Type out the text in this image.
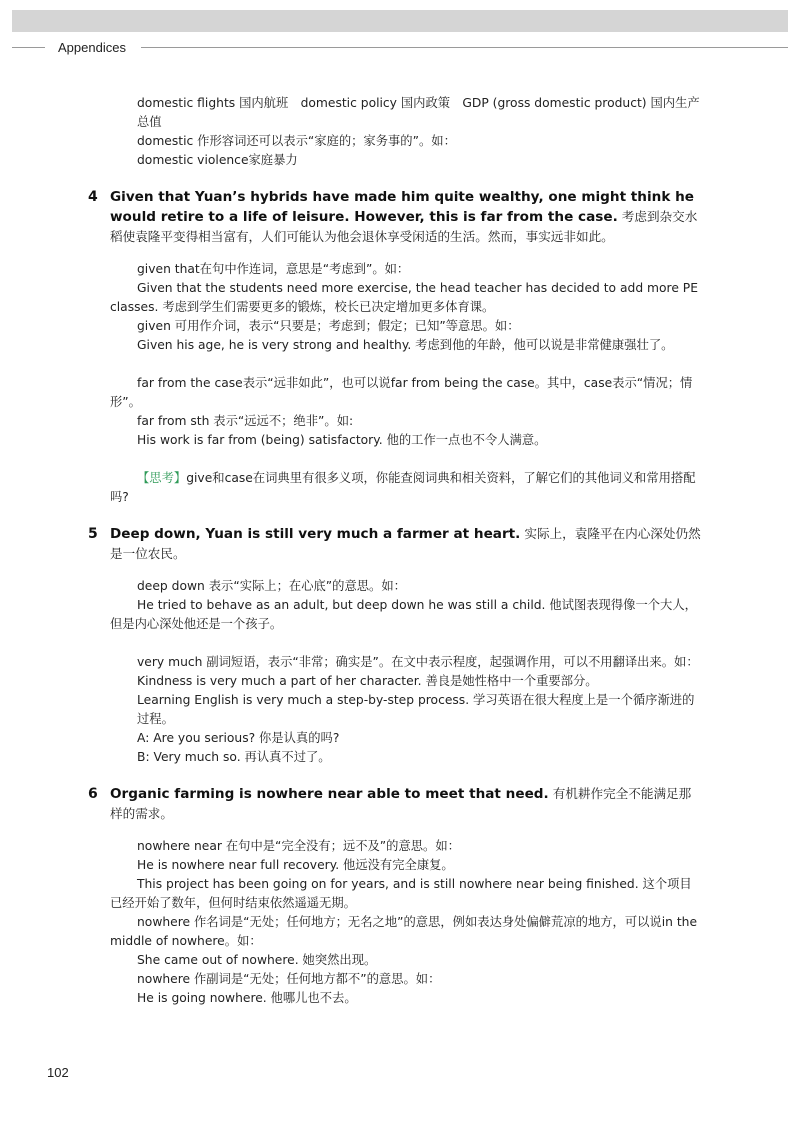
Appendices

domestic flights 国内航班　domestic policy 国内政策　GDP (gross domestic product) 国内生产总值

domestic 作形容词还可以表示“家庭的；家务事的”。如：

domestic violence家庭暴力

4 Given that Yuan’s hybrids have made him quite wealthy, one might think he would retire to a life of leisure. However, this is far from the case. 考虑到杂交水稻使袁隆平变得相当富有，人们可能认为他会退休享受闲适的生活。然而，事实远非如此。

given that在句中作连词，意思是“考虑到”。如：

Given that the students need more exercise, the head teacher has decided to add more PE classes. 考虑到学生们需要更多的锻炼，校长已决定增加更多体育课。

given 可用作介词，表示“只要是；考虑到；假定；已知”等意思。如：

Given his age, he is very strong and healthy. 考虑到他的年龄，他可以说是非常健康强壮了。

far from the case表示“远非如此”，也可以说far from being the case。其中，case表示“情况；情形”。

far from sth 表示“远远不；绝非”。如:

His work is far from (being) satisfactory. 他的工作一点也不令人满意。

【思考】give和case在词典里有很多义项，你能查阅词典和相关资料，了解它们的其他词义和常用搭配吗?

5 Deep down, Yuan is still very much a farmer at heart. 实际上，袁隆平在内心深处仍然是一位农民。

deep down 表示“实际上；在心底”的意思。如：

He tried to behave as an adult, but deep down he was still a child. 他试图表现得像一个大人，但是内心深处他还是一个孩子。

very much 副词短语，表示“非常；确实是”。在文中表示程度，起强调作用，可以不用翻译出来。如：

Kindness is very much a part of her character. 善良是她性格中一个重要部分。

Learning English is very much a step-by-step process. 学习英语在很大程度上是一个循序渐进的过程。

A: Are you serious? 你是认真的吗?

B: Very much so. 再认真不过了。

6 Organic farming is nowhere near able to meet that need. 有机耕作完全不能满足那样的需求。

nowhere near 在句中是“完全没有；远不及”的意思。如：

He is nowhere near full recovery. 他远没有完全康复。

This project has been going on for years, and is still nowhere near being finished. 这个项目已经开始了数年，但何时结束依然遥遥无期。

nowhere 作名词是“无处；任何地方；无名之地”的意思，例如表达身处偏僻荒凉的地方，可以说in the middle of nowhere。如：

She came out of nowhere. 她突然出现。

nowhere 作副词是“无处；任何地方都不”的意思。如：

He is going nowhere. 他哪儿也不去。

102
